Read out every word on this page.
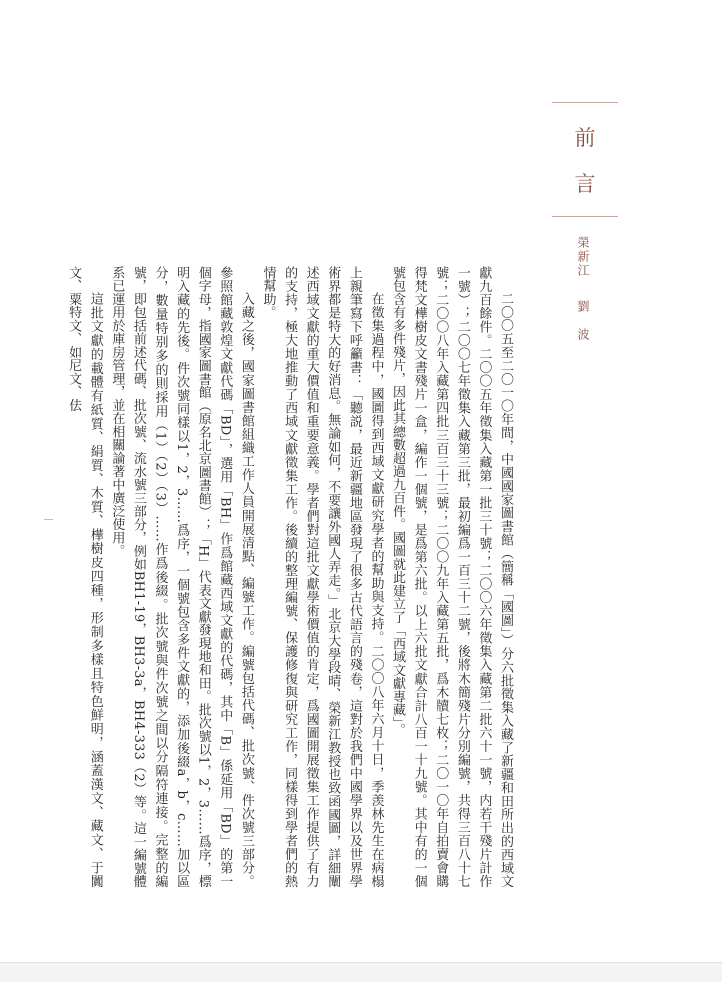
前
言
榮新江劉　波

二〇〇五至二〇一〇年間，中國國家圖書館（簡稱「國圖」）分六批徵集入藏了新疆和田所出的西域文獻九百餘件。二〇〇五年徵集入藏第一批三十號；二〇〇六年徵集入藏第二批六十一號，内若干殘片計作一號）；二〇〇七年徵集入藏第三批，最初編爲一百三十二號，後將木簡殘片分別編號，共得三百八十七號；二〇〇八年入藏第四批三百三十三號；二〇〇九年入藏第五批，爲木牘七枚；二〇一〇年自拍賣會購得梵文樺樹皮文書殘片一盒，編作一個號，是爲第六批。以上六批文獻合計八百一十九號。其中有的一個號包含有多件殘片，因此其總數超過九百件。國圖就此建立了「西域文獻專藏」。

在徵集過程中，國圖得到西域文獻研究學者的幫助與支持。二〇〇八年六月十日，季羡林先生在病榻上親筆寫下呼籲書：「聽説，最近新疆地區發現了很多古代語言的殘卷，這對於我們中國學界以及世界學術界都是特大的好消息。無論如何，不要讓外國人弄走。」北京大學段晴、榮新江教授也致函國圖，詳細闡述西域文獻的重大價值和重要意義。學者們對這批文獻學術價值的肯定，爲國圖開展徵集工作提供了有力的支持，極大地推動了西域文獻徵集工作。後續的整理編號、保護修復與研究工作，同樣得到學者們的熱情幫助。

入藏之後，國家圖書館組織工作人員開展清點、編號工作。編號包括代碼、批次號、件次號三部分。參照館藏敦煌文獻代碼「BD」，選用「BH」作爲館藏西域文獻的代碼，其中「B」係延用「BD」的第一個字母，指國家圖書館（原名北京圖書館）；「H」代表文獻發現地和田。批次號以1，2，3……爲序，標明入藏的先後。件次號同樣以1，2，3……爲序，一個號包含多件文獻的，添加後綴a，b，c……加以區分，數量特别多的則採用（1）（2）（3）……作爲後綴。批次號與件次號之間以分隔符連接。完整的編號，即包括前述代碼、批次號、流水號三部分，例如BH1-19，BH3-3a，BH4-333（2）等。這一編號體系已運用於庫房管理，並在相關論著中廣泛使用。

這批文獻的載體有紙質、絹質、木質、樺樹皮四種，形制多樣且特色鮮明，涵蓋漢文、藏文、于闐文、粟特文、如尼文、佉
